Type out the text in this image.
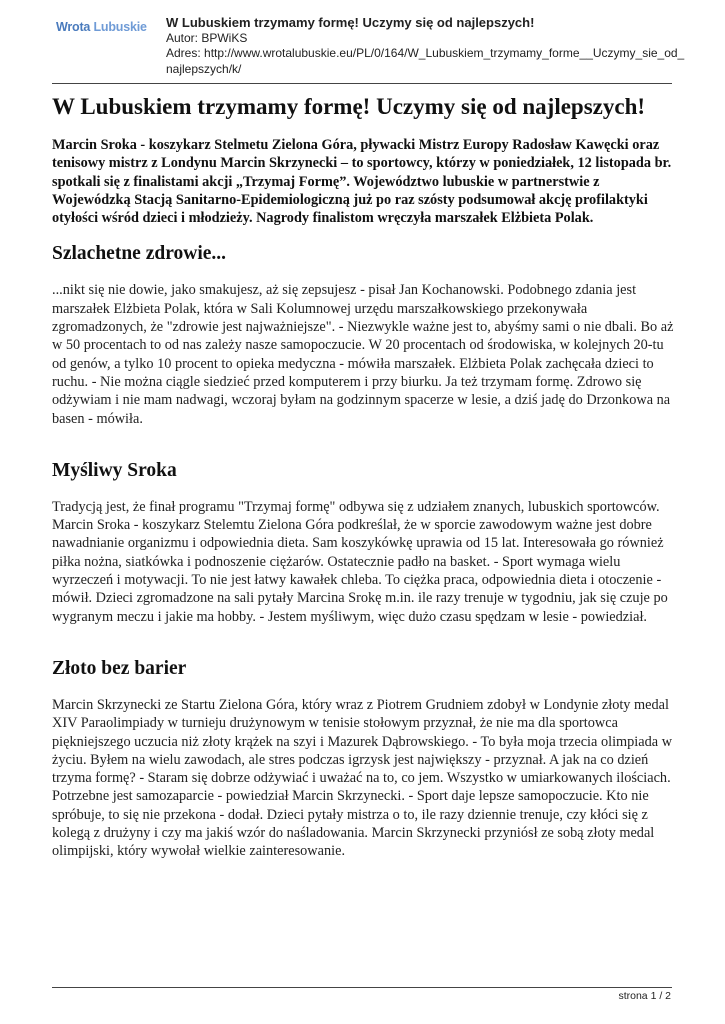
Wrota Lubuskie W Lubuskiem trzymamy formę! Uczymy się od najlepszych!
Autor: BPWiKS
Adres: http://www.wrotalubuskie.eu/PL/0/164/W_Lubuskiem_trzymamy_forme__Uczymy_sie_od_najlepszych/k/
W Lubuskiem trzymamy formę! Uczymy się od najlepszych!

Marcin Sroka - koszykarz Stelmetu Zielona Góra, pływacki Mistrz Europy Radosław Kawęcki oraz tenisowy mistrz z Londynu Marcin Skrzynecki – to sportowcy, którzy w poniedziałek, 12 listopada br. spotkali się z finalistami akcji „Trzymaj Formę”. Województwo lubuskie w partnerstwie z Wojewódzką Stacją Sanitarno-Epidemiologiczną już po raz szósty podsumował akcję profilaktyki otyłości wśród dzieci i młodzieży. Nagrody finalistom wręczyła marszałek Elżbieta Polak.

Szlachetne zdrowie...

...nikt się nie dowie, jako smakujesz, aż się zepsujesz - pisał Jan Kochanowski. Podobnego zdania jest marszałek Elżbieta Polak, która w Sali Kolumnowej urzędu marszałkowskiego przekonywała zgromadzonych, że "zdrowie jest najważniejsze". - Niezwykle ważne jest to, abyśmy sami o nie dbali. Bo aż w 50 procentach to od nas zależy nasze samopoczucie. W 20 procentach od środowiska, w kolejnych 20-tu od genów, a tylko 10 procent to opieka medyczna - mówiła marszałek. Elżbieta Polak zachęcała dzieci to ruchu. - Nie można ciągle siedzieć przed komputerem i przy biurku. Ja też trzymam formę. Zdrowo się odżywiam i nie mam nadwagi, wczoraj byłam na godzinnym spacerze w lesie, a dziś jadę do Drzonkowa na basen - mówiła.

Myśliwy Sroka

Tradycją jest, że finał programu "Trzymaj formę" odbywa się z udziałem znanych, lubuskich sportowców. Marcin Sroka - koszykarz Stelemtu Zielona Góra podkreślał, że w sporcie zawodowym ważne jest dobre nawadnianie organizmu i odpowiednia dieta. Sam koszykówkę uprawia od 15 lat. Interesowała go również piłka nożna, siatkówka i podnoszenie ciężarów. Ostatecznie padło na basket. - Sport wymaga wielu wyrzeczeń i motywacji. To nie jest łatwy kawałek chleba. To ciężka praca, odpowiednia dieta i otoczenie - mówił. Dzieci zgromadzone na sali pytały Marcina Srokę m.in. ile razy trenuje w tygodniu, jak się czuje po wygranym meczu i jakie ma hobby. - Jestem myśliwym, więc dużo czasu spędzam w lesie - powiedział.

Złoto bez barier

Marcin Skrzynecki ze Startu Zielona Góra, który wraz z Piotrem Grudniem zdobył w Londynie złoty medal XIV Paraolimpiady w turnieju drużynowym w tenisie stołowym przyznał, że nie ma dla sportowca piękniejszego uczucia niż złoty krążek na szyi i Mazurek Dąbrowskiego. - To była moja trzecia olimpiada w życiu. Byłem na wielu zawodach, ale stres podczas igrzysk jest największy - przyznał. A jak na co dzień trzyma formę? - Staram się dobrze odżywiać i uważać na to, co jem. Wszystko w umiarkowanych ilościach. Potrzebne jest samozaparcie - powiedział Marcin Skrzynecki. - Sport daje lepsze samopoczucie. Kto nie spróbuje, to się nie przekona - dodał. Dzieci pytały mistrza o to, ile razy dziennie trenuje, czy kłóci się z kolegą z drużyny i czy ma jakiś wzór do naśladowania. Marcin Skrzynecki przyniósł ze sobą złoty medal olimpijski, który wywołał wielkie zainteresowanie.

strona 1 / 2
